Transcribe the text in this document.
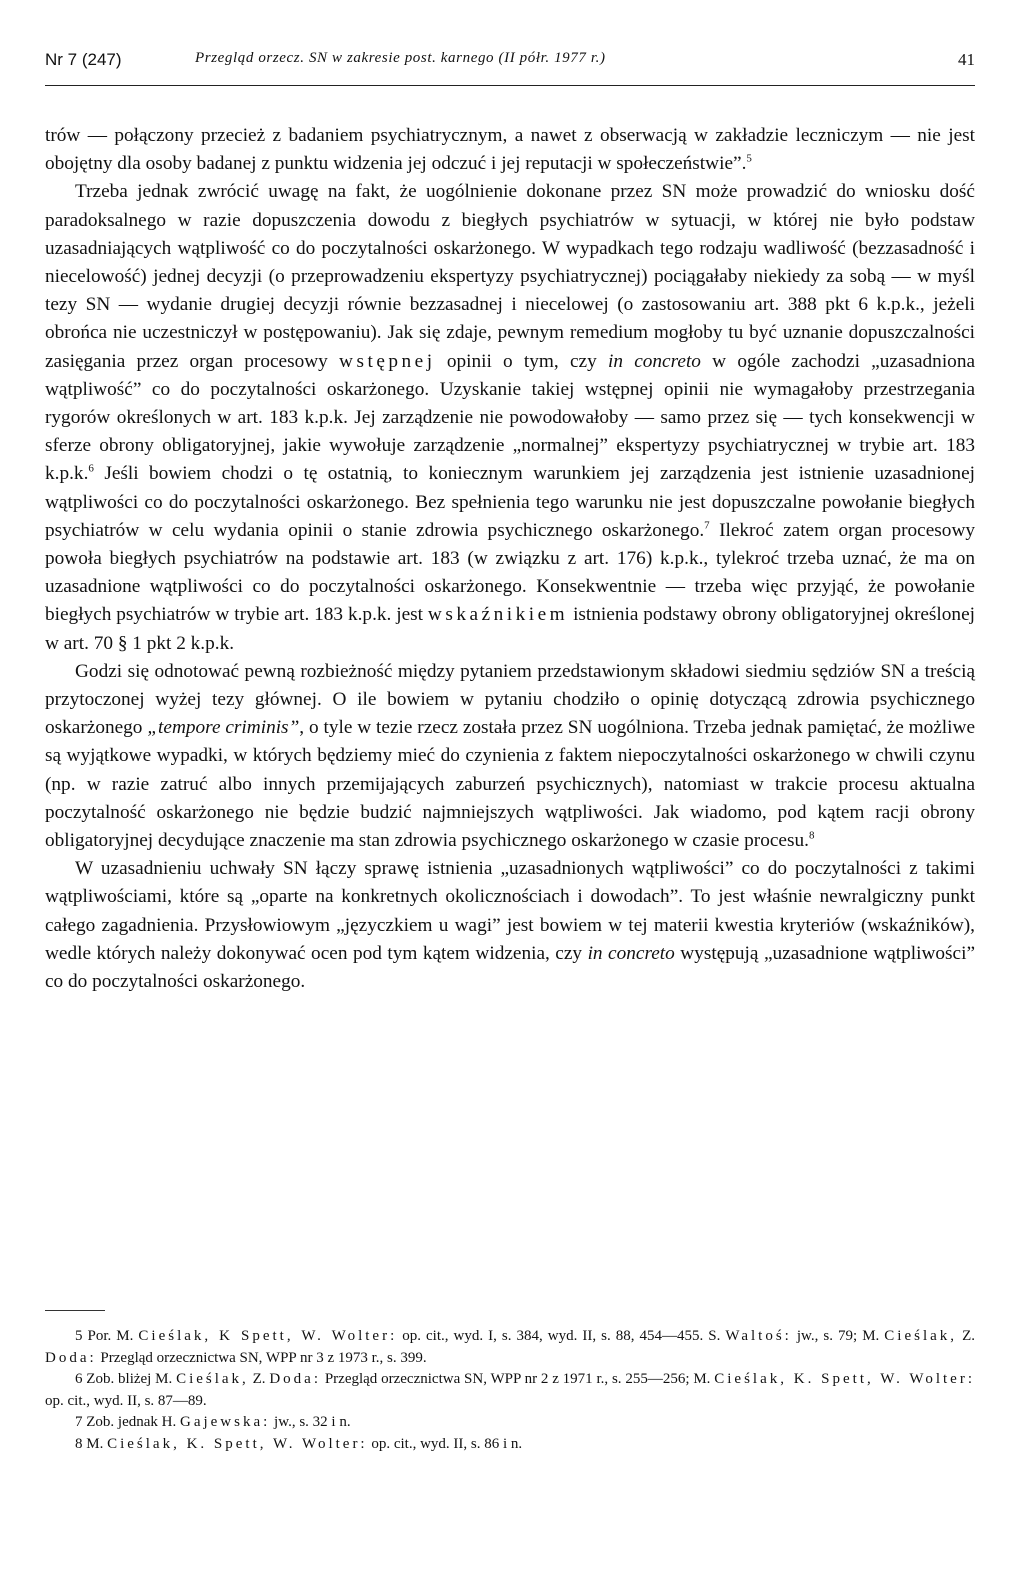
Nr 7 (247)	Przegląd orzecz. SN w zakresie post. karnego (II półr. 1977 r.)	41

trów — połączony przecież z badaniem psychiatrycznym, a nawet z obserwacją w zakładzie leczniczym — nie jest obojętny dla osoby badanej z punktu widzenia jej odczuć i jej reputacji w społeczeństwie”.$^5$

Trzeba jednak zwrócić uwagę na fakt, że uogólnienie dokonane przez SN może prowadzić do wniosku dość paradoksalnego w razie dopuszczenia dowodu z biegłych psychiatrów w sytuacji, w której nie było podstaw uzasadniających wątpliwość co do poczytalności oskarżonego. W wypadkach tego rodzaju wadliwość (bezzasadność i niecelowość) jednej decyzji (o przeprowadzeniu ekspertyzy psychiatrycznej) pociągałaby niekiedy za sobą — w myśl tezy SN — wydanie drugiej decyzji równie bezzasadnej i niecelowej (o zastosowaniu art. 388 pkt 6 k.p.k., jeżeli obrońca nie uczestniczył w postępowaniu). Jak się zdaje, pewnym remedium mogłoby tu być uznanie dopuszczalności zasięgania przez organ procesowy wstępnej opinii o tym, czy in concreto w ogóle zachodzi „uzasadniona wątpliwość” co do poczytalności oskarżonego. Uzyskanie takiej wstępnej opinii nie wymagałoby przestrzegania rygorów określonych w art. 183 k.p.k. Jej zarządzenie nie powodowałoby — samo przez się — tych konsekwencji w sferze obrony obligatoryjnej, jakie wywołuje zarządzenie „normalnej” ekspertyzy psychiatrycznej w trybie art. 183 k.p.k.$^6$ Jeśli bowiem chodzi o tę ostatnią, to koniecznym warunkiem jej zarządzenia jest istnienie uzasadnionej wątpliwości co do poczytalności oskarżonego. Bez spełnienia tego warunku nie jest dopuszczalne powołanie biegłych psychiatrów w celu wydania opinii o stanie zdrowia psychicznego oskarżonego.$^7$ Ilekroć zatem organ procesowy powoła biegłych psychiatrów na podstawie art. 183 (w związku z art. 176) k.p.k., tylekroć trzeba uznać, że ma on uzasadnione wątpliwości co do poczytalności oskarżonego. Konsekwentnie — trzeba więc przyjąć, że powołanie biegłych psychiatrów w trybie art. 183 k.p.k. jest wskaźnikiem istnienia podstawy obrony obligatoryjnej określonej w art. 70 § 1 pkt 2 k.p.k.

Godzi się odnotować pewną rozbieżność między pytaniem przedstawionym składowi siedmiu sędziów SN a treścią przytoczonej wyżej tezy głównej. O ile bowiem w pytaniu chodziło o opinię dotyczącą zdrowia psychicznego oskarżonego „tempore criminis”, o tyle w tezie rzecz została przez SN uogólniona. Trzeba jednak pamiętać, że możliwe są wyjątkowe wypadki, w których będziemy mieć do czynienia z faktem niepoczytalności oskarżonego w chwili czynu (np. w razie zatruć albo innych przemijających zaburzeń psychicznych), natomiast w trakcie procesu aktualna poczytalność oskarżonego nie będzie budzić najmniejszych wątpliwości. Jak wiadomo, pod kątem racji obrony obligatoryjnej decydujące znaczenie ma stan zdrowia psychicznego oskarżonego w czasie procesu.$^8$

W uzasadnieniu uchwały SN łączy sprawę istnienia „uzasadnionych wątpliwości” co do poczytalności z takimi wątpliwościami, które są „oparte na konkretnych okolicznościach i dowodach”. To jest właśnie newralgiczny punkt całego zagadnienia. Przysłowiowym „języczkiem u wagi” jest bowiem w tej materii kwestia kryteriów (wskaźników), wedle których należy dokonywać ocen pod tym kątem widzenia, czy in concreto występują „uzasadnione wątpliwości” co do poczytalności oskarżonego.

5 Por. M. Cieślak, K Spett, W. Wolter: op. cit., wyd. I, s. 384, wyd. II, s. 88, 454—455. S. Waltoś: jw., s. 79; M. Cieślak, Z. Doda: Przegląd orzecznictwa SN, WPP nr 3 z 1973 r., s. 399.

6 Zob. bliżej M. Cieślak, Z. Doda: Przegląd orzecznictwa SN, WPP nr 2 z 1971 r., s. 255—256; M. Cieślak, K. Spett, W. Wolter: op. cit., wyd. II, s. 87—89.

7 Zob. jednak H. Gajewska: jw., s. 32 i n.

8 M. Cieślak, K. Spett, W. Wolter: op. cit., wyd. II, s. 86 i n.
